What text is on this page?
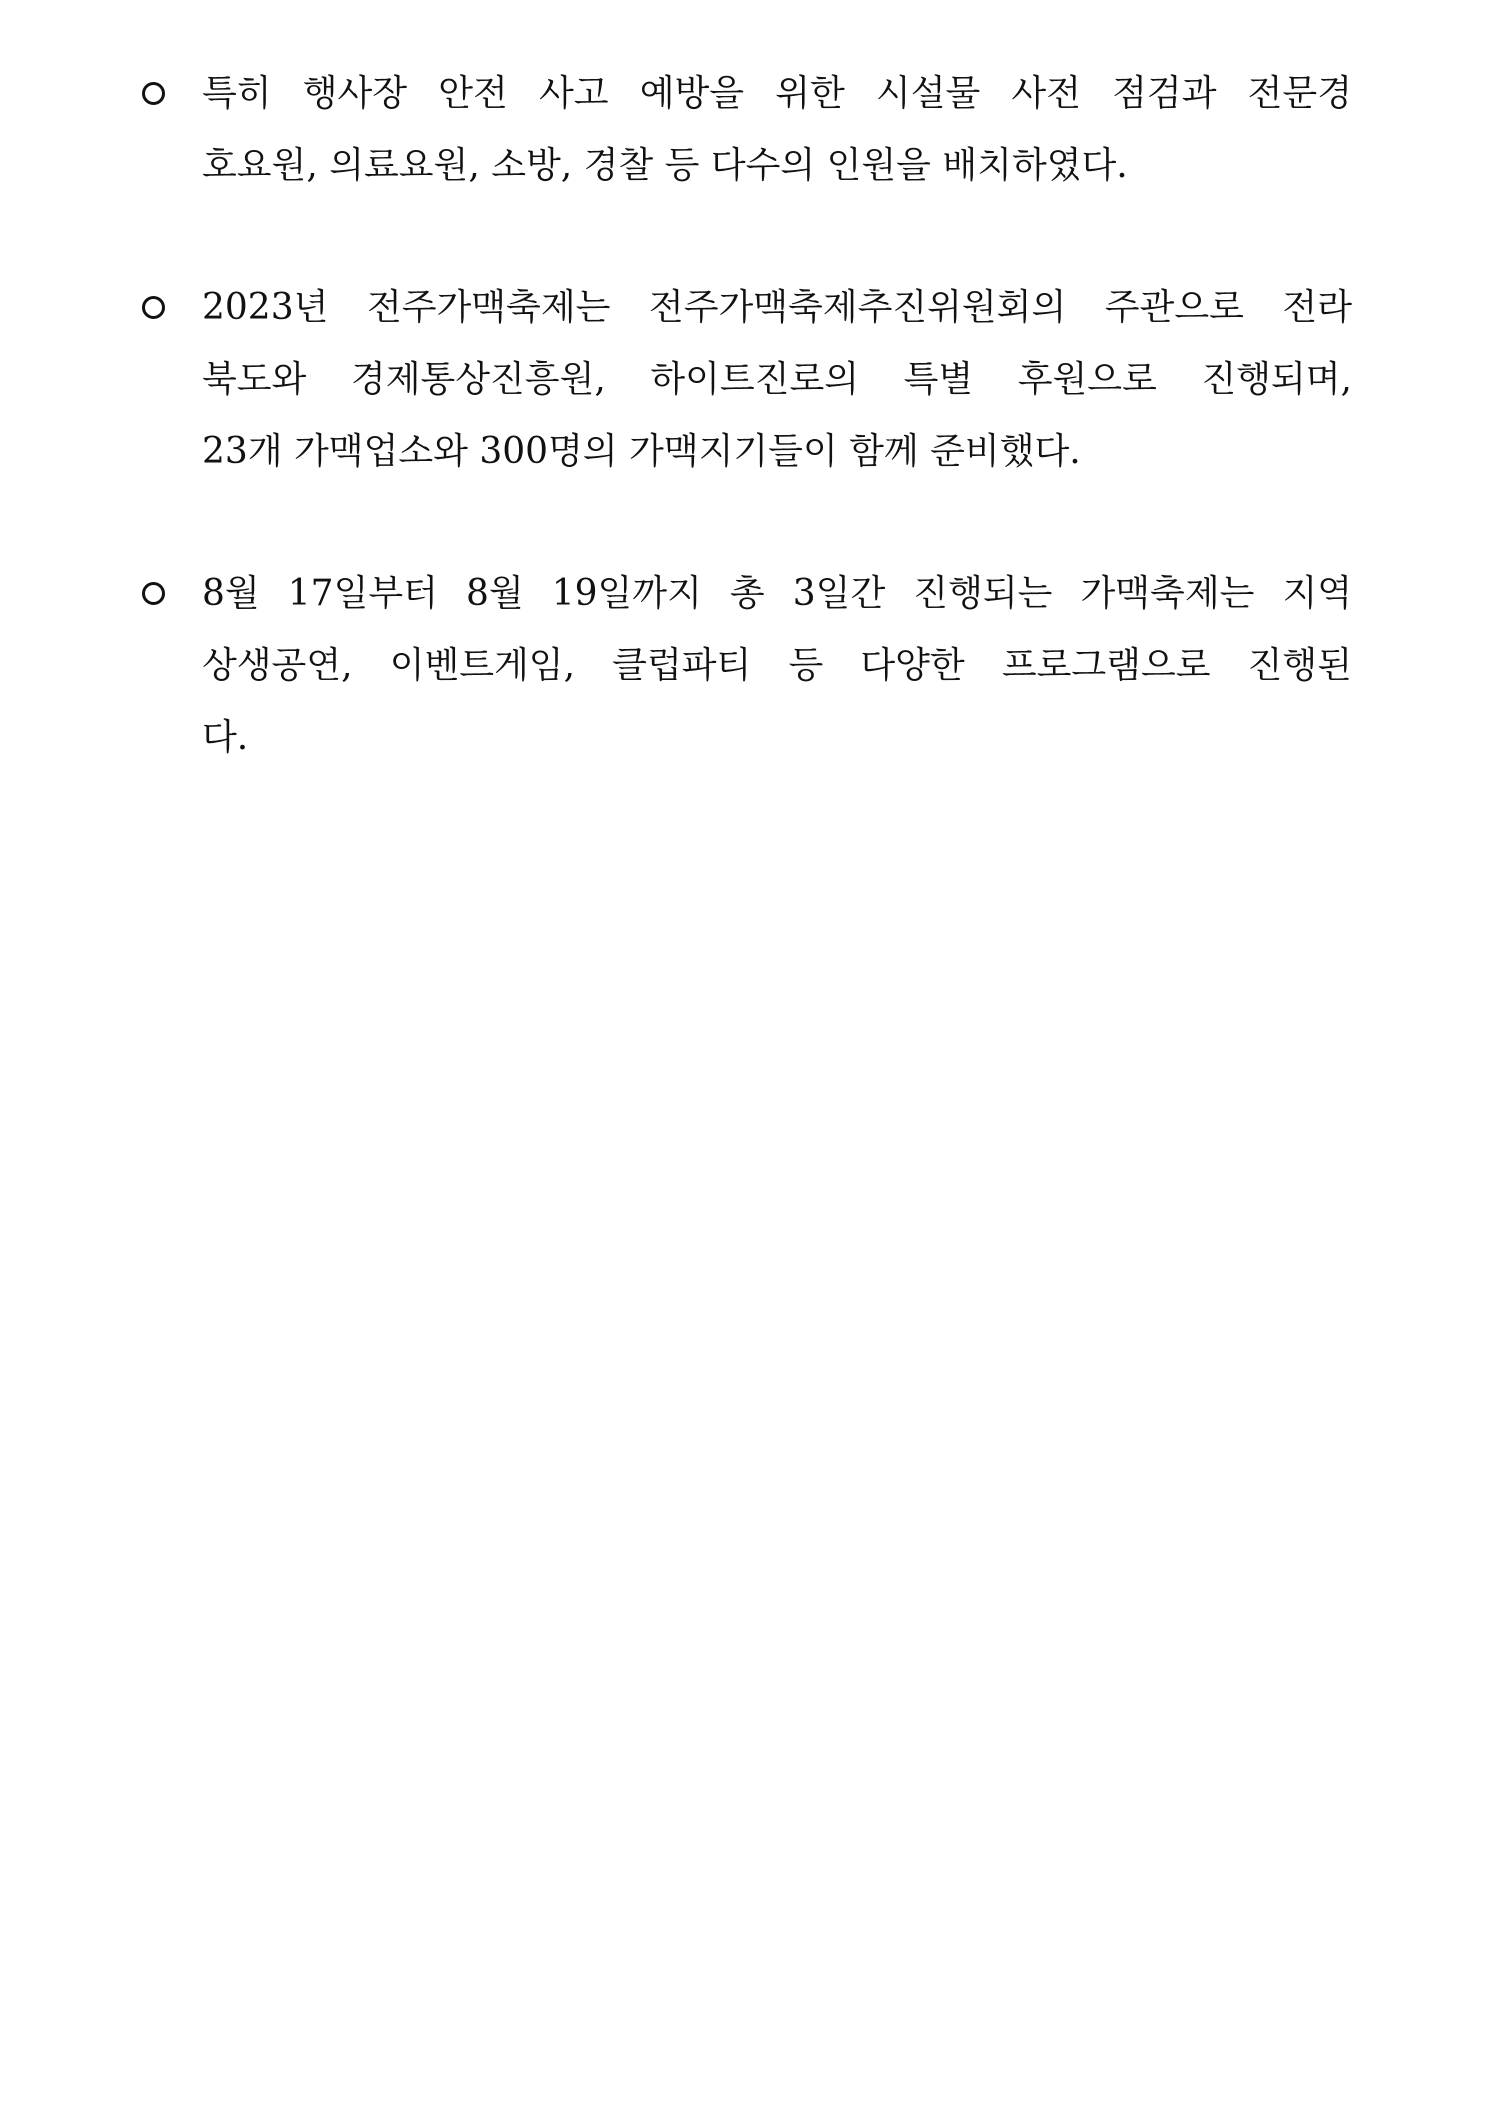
특히 행사장 안전 사고 예방을 위한 시설물 사전 점검과 전문경
호요원, 의료요원, 소방, 경찰 등 다수의 인원을 배치하였다.
2023년 전주가맥축제는 전주가맥축제추진위원회의 주관으로 전라
북도와 경제통상진흥원, 하이트진로의 특별 후원으로 진행되며,
23개 가맥업소와 300명의 가맥지기들이 함께 준비했다.
8월 17일부터 8월 19일까지 총 3일간 진행되는 가맥축제는 지역
상생공연, 이벤트게임, 클럽파티 등 다양한 프로그램으로 진행된
다.
